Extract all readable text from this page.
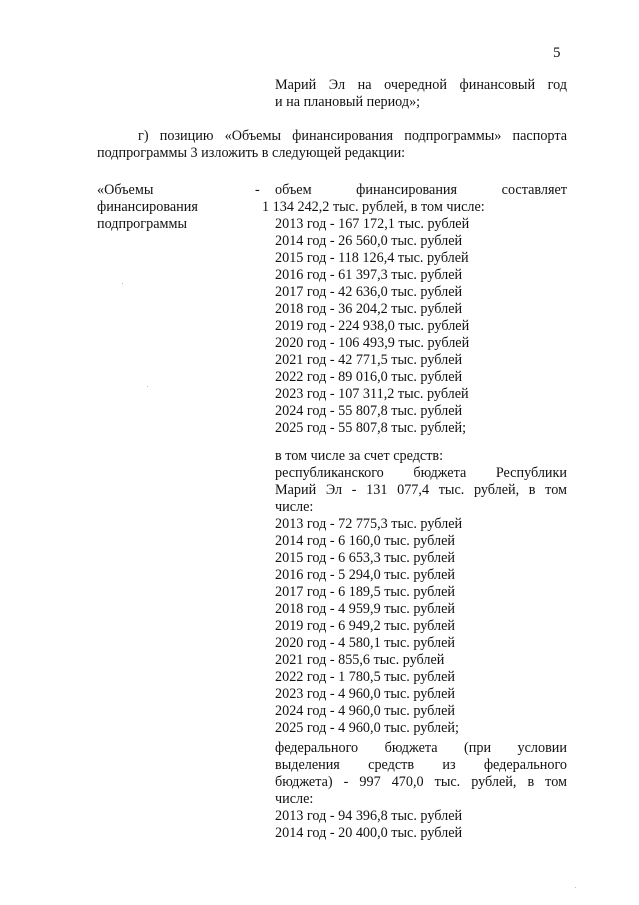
5
Марий Эл на очередной финансовый год
и на плановый период»;
г) позицию «Объемы финансирования подпрограммы» паспорта
подпрограммы 3 изложить в следующей редакции:
«Объемы
финансирования
подпрограммы
- объем финансирования составляет
1 134 242,2 тыс. рублей, в том числе:
2013 год - 167 172,1 тыс. рублей
2014 год - 26 560,0 тыс. рублей
2015 год - 118 126,4 тыс. рублей
2016 год - 61 397,3 тыс. рублей
2017 год - 42 636,0 тыс. рублей
2018 год - 36 204,2 тыс. рублей
2019 год - 224 938,0 тыс. рублей
2020 год - 106 493,9 тыс. рублей
2021 год - 42 771,5 тыс. рублей
2022 год - 89 016,0 тыс. рублей
2023 год - 107 311,2 тыс. рублей
2024 год - 55 807,8 тыс. рублей
2025 год - 55 807,8 тыс. рублей;
в том числе за счет средств:
республиканского бюджета Республики
Марий Эл - 131 077,4 тыс. рублей, в том
числе:
2013 год - 72 775,3 тыс. рублей
2014 год - 6 160,0 тыс. рублей
2015 год - 6 653,3 тыс. рублей
2016 год - 5 294,0 тыс. рублей
2017 год - 6 189,5 тыс. рублей
2018 год - 4 959,9 тыс. рублей
2019 год - 6 949,2 тыс. рублей
2020 год - 4 580,1 тыс. рублей
2021 год - 855,6 тыс. рублей
2022 год - 1 780,5 тыс. рублей
2023 год - 4 960,0 тыс. рублей
2024 год - 4 960,0 тыс. рублей
2025 год - 4 960,0 тыс. рублей;
федерального бюджета (при условии
выделения средств из федерального
бюджета) - 997 470,0 тыс. рублей, в том
числе:
2013 год - 94 396,8 тыс. рублей
2014 год - 20 400,0 тыс. рублей
